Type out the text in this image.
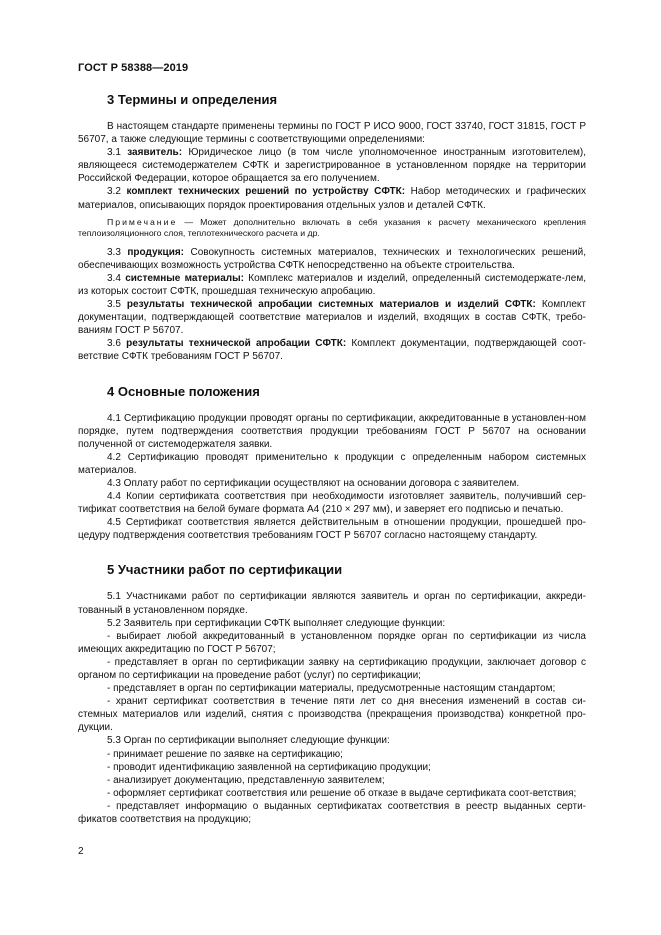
ГОСТ Р 58388—2019
3 Термины и определения

В настоящем стандарте применены термины по ГОСТ Р ИСО 9000, ГОСТ 33740, ГОСТ 31815, ГОСТ Р 56707, а также следующие термины с соответствующими определениями:

3.1 заявитель: Юридическое лицо (в том числе уполномоченное иностранным изготовителем), являющееся системодержателем СФТК и зарегистрированное в установленном порядке на территории Российской Федерации, которое обращается за его получением.

3.2 комплект технических решений по устройству СФТК: Набор методических и графических материалов, описывающих порядок проектирования отдельных узлов и деталей СФТК.

Примечание — Может дополнительно включать в себя указания к расчету механического крепления теплоизоляционного слоя, теплотехнического расчета и др.

3.3 продукция: Совокупность системных материалов, технических и технологических решений, обеспечивающих возможность устройства СФТК непосредственно на объекте строительства.

3.4 системные материалы: Комплекс материалов и изделий, определенный системодержате-лем, из которых состоит СФТК, прошедшая техническую апробацию.

3.5 результаты технической апробации системных материалов и изделий СФТК: Комплект документации, подтверждающей соответствие материалов и изделий, входящих в состав СФТК, требо-ваниям ГОСТ Р 56707.

3.6 результаты технической апробации СФТК: Комплект документации, подтверждающей соот-ветствие СФТК требованиям ГОСТ Р 56707.

4 Основные положения

4.1 Сертификацию продукции проводят органы по сертификации, аккредитованные в установлен-ном порядке, путем подтверждения соответствия продукции требованиям ГОСТ Р 56707 на основании полученной от системодержателя заявки.

4.2 Сертификацию проводят применительно к продукции с определенным набором системных материалов.

4.3 Оплату работ по сертификации осуществляют на основании договора с заявителем.

4.4 Копии сертификата соответствия при необходимости изготовляет заявитель, получивший сер-тификат соответствия на белой бумаге формата А4 (210 × 297 мм), и заверяет его подписью и печатью.

4.5 Сертификат соответствия является действительным в отношении продукции, прошедшей про-цедуру подтверждения соответствия требованиям ГОСТ Р 56707 согласно настоящему стандарту.

5 Участники работ по сертификации

5.1 Участниками работ по сертификации являются заявитель и орган по сертификации, аккреди-тованный в установленном порядке.

5.2 Заявитель при сертификации СФТК выполняет следующие функции:

- выбирает любой аккредитованный в установленном порядке орган по сертификации из числа имеющих аккредитацию по ГОСТ Р 56707;

- представляет в орган по сертификации заявку на сертификацию продукции, заключает договор с органом по сертификации на проведение работ (услуг) по сертификации;

- представляет в орган по сертификации материалы, предусмотренные настоящим стандартом;

- хранит сертификат соответствия в течение пяти лет со дня внесения изменений в состав си-стемных материалов или изделий, снятия с производства (прекращения производства) конкретной про-дукции.

5.3 Орган по сертификации выполняет следующие функции:

- принимает решение по заявке на сертификацию;

- проводит идентификацию заявленной на сертификацию продукции;

- анализирует документацию, представленную заявителем;

- оформляет сертификат соответствия или решение об отказе в выдаче сертификата соот-ветствия;

- представляет информацию о выданных сертификатах соответствия в реестр выданных серти-фикатов соответствия на продукцию;

2
